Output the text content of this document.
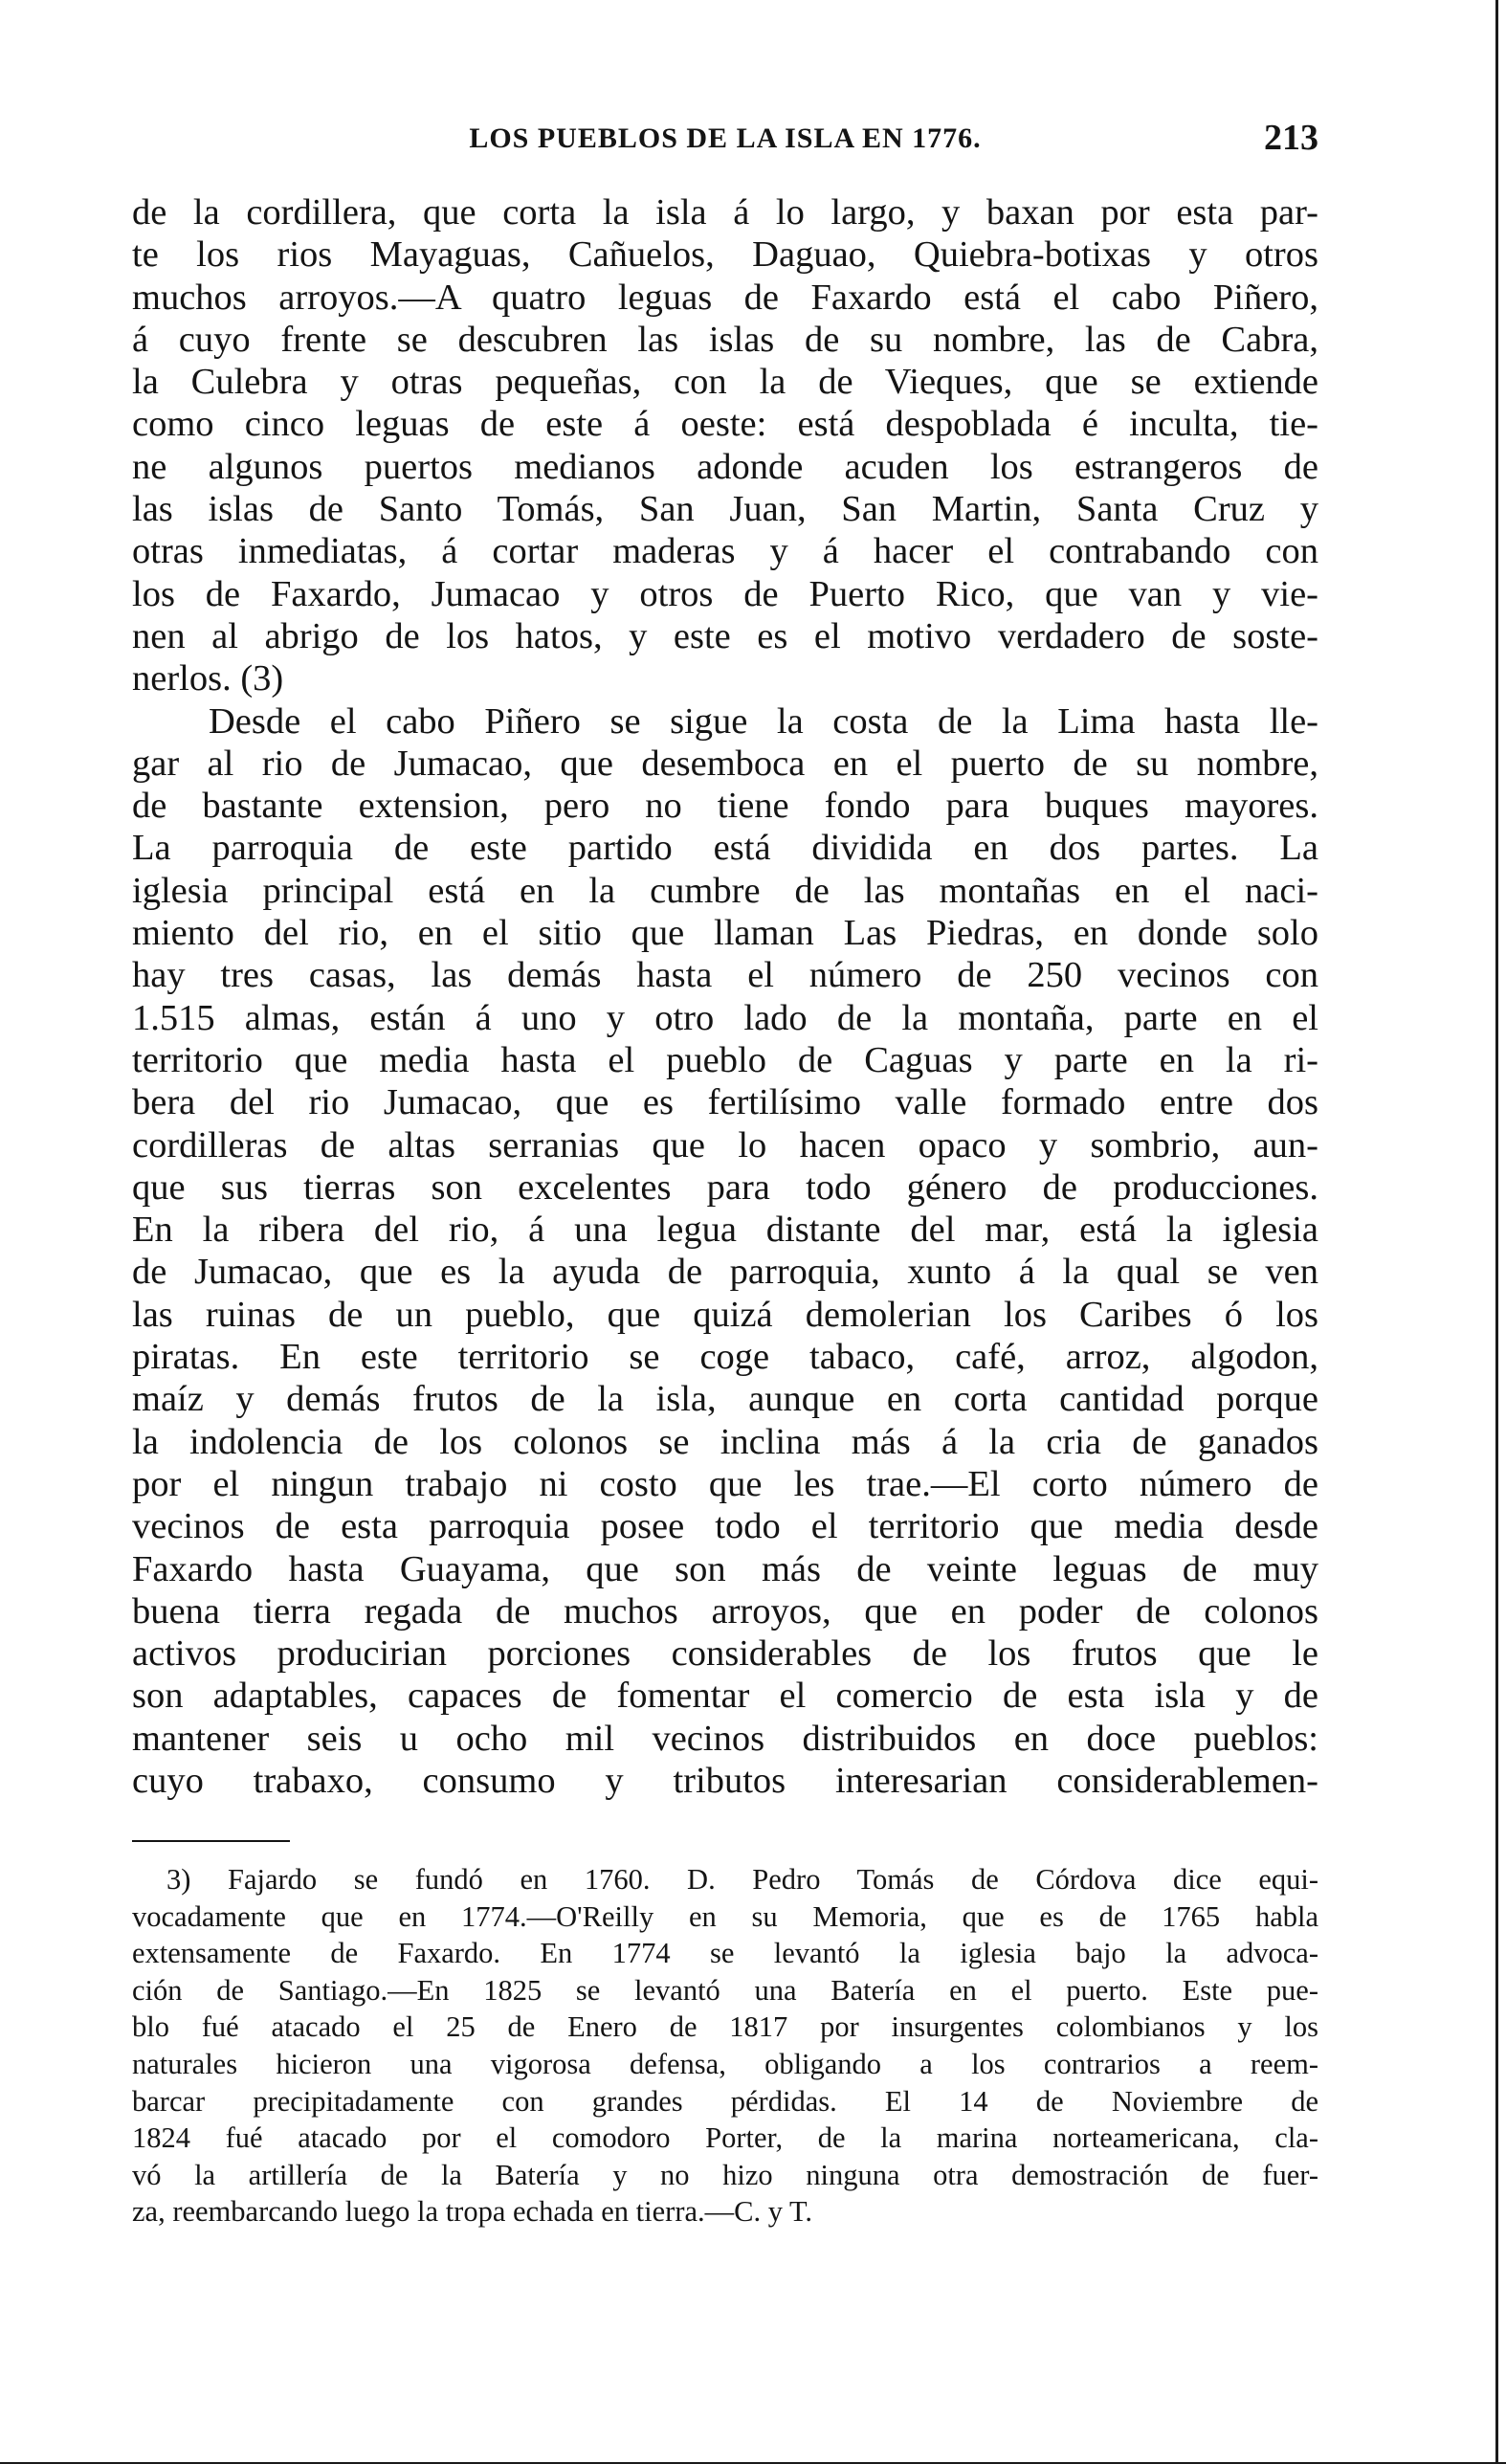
LOS PUEBLOS DE LA ISLA EN 1776.	213
de la cordillera, que corta la isla á lo largo, y baxan por esta par-
te los rios Mayaguas, Cañuelos, Daguao, Quiebra-botixas y otros
muchos arroyos.—A quatro leguas de Faxardo está el cabo Piñero,
á cuyo frente se descubren las islas de su nombre, las de Cabra,
la Culebra y otras pequeñas, con la de Vieques, que se extiende
como cinco leguas de este á oeste: está despoblada é inculta, tie-
ne algunos puertos medianos adonde acuden los estrangeros de
las islas de Santo Tomás, San Juan, San Martin, Santa Cruz y
otras inmediatas, á cortar maderas y á hacer el contrabando con
los de Faxardo, Jumacao y otros de Puerto Rico, que van y vie-
nen al abrigo de los hatos, y este es el motivo verdadero de soste-
nerlos. (3)
Desde el cabo Piñero se sigue la costa de la Lima hasta lle-
gar al rio de Jumacao, que desemboca en el puerto de su nombre,
de bastante extension, pero no tiene fondo para buques mayores.
La parroquia de este partido está dividida en dos partes. La
iglesia principal está en la cumbre de las montañas en el naci-
miento del rio, en el sitio que llaman Las Piedras, en donde solo
hay tres casas, las demás hasta el número de 250 vecinos con
1.515 almas, están á uno y otro lado de la montaña, parte en el
territorio que media hasta el pueblo de Caguas y parte en la ri-
bera del rio Jumacao, que es fertilísimo valle formado entre dos
cordilleras de altas serranias que lo hacen opaco y sombrio, aun-
que sus tierras son excelentes para todo género de producciones.
En la ribera del rio, á una legua distante del mar, está la iglesia
de Jumacao, que es la ayuda de parroquia, xunto á la qual se ven
las ruinas de un pueblo, que quizá demolerian los Caribes ó los
piratas. En este territorio se coge tabaco, café, arroz, algodon,
maíz y demás frutos de la isla, aunque en corta cantidad porque
la indolencia de los colonos se inclina más á la cria de ganados
por el ningun trabajo ni costo que les trae.—El corto número de
vecinos de esta parroquia posee todo el territorio que media desde
Faxardo hasta Guayama, que son más de veinte leguas de muy
buena tierra regada de muchos arroyos, que en poder de colonos
activos producirian porciones considerables de los frutos que le
son adaptables, capaces de fomentar el comercio de esta isla y de
mantener seis u ocho mil vecinos distribuidos en doce pueblos:
cuyo trabaxo, consumo y tributos interesarian considerablemen-
3) Fajardo se fundó en 1760. D. Pedro Tomás de Córdova dice equi-
vocadamente que en 1774.—O'Reilly en su Memoria, que es de 1765 habla
extensamente de Faxardo. En 1774 se levantó la iglesia bajo la advoca-
ción de Santiago.—En 1825 se levantó una Batería en el puerto. Este pue-
blo fué atacado el 25 de Enero de 1817 por insurgentes colombianos y los
naturales hicieron una vigorosa defensa, obligando a los contrarios a reem-
barcar precipitadamente con grandes pérdidas. El 14 de Noviembre de
1824 fué atacado por el comodoro Porter, de la marina norteamericana, cla-
vó la artillería de la Batería y no hizo ninguna otra demostración de fuer-
za, reembarcando luego la tropa echada en tierra.—C. y T.
